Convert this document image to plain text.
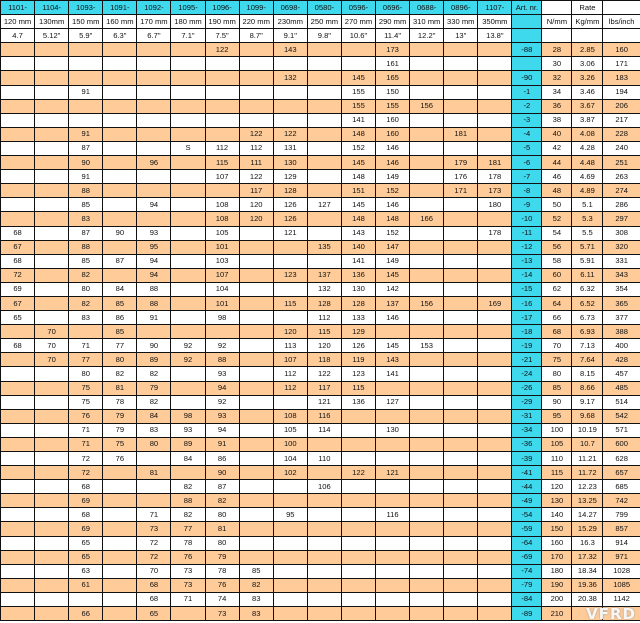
1101-	1104-	1093-	1091-	1092-	1095-	1096-	1099-	0698-	0580-	0596-	0696-	0688-	0896-	1107-	Art. nr.		Rate	
120 mm	130mm	150 mm	160 mm	170 mm	180 mm	190 mm	220 mm	230mm	250 mm	270 mm	290 mm	310 mm	330 mm	350mm		N/mm	Kg/mm	lbs/inch
4.7	5.12"	5.9"	6.3"	6.7"	7.1"	7.5"	8.7"	9.1"	9.8"	10.6"	11.4"	12.2"	13"	13.8"				
						122		143			173				-88	28	2.85	160
											161					30	3.06	171
								132		145	165				-90	32	3.26	183
		91								155	150				-1	34	3.46	194
										155	155	156			-2	36	3.67	206
										141	160				-3	38	3.87	217
		91					122	122		148	160		181		-4	40	4.08	228
		87			S	112	112	131		152	146				-5	42	4.28	240
		90		96		115	111	130		145	146		179	181	-6	44	4.48	251
		91				107	122	129		148	149		176	178	-7	46	4.69	263
		88					117	128		151	152		171	173	-8	48	4.89	274
		85		94		108	120	126	127	145	146			180	-9	50	5.1	286
		83				108	120	126		148	148	166			-10	52	5.3	297
68		87	90	93		105		121		143	152			178	-11	54	5.5	308
67		88		95		101			135	140	147				-12	56	5.71	320
68		85	87	94		103				141	149				-13	58	5.91	331
72		82		94		107		123	137	136	145				-14	60	6.11	343
69		80	84	88		104			132	130	142				-15	62	6.32	354
67		82	85	88		101		115	128	128	137	156		169	-16	64	6.52	365
65		83	86	91		98			112	133	146				-17	66	6.73	377
	70		85					120	115	129					-18	68	6.93	388
68	70	71	77	90	92	92		113	120	126	145	153			-19	70	7.13	400
	70	77	80	89	92	88		107	118	119	143				-21	75	7.64	428
		80	82	82		93		112	122	123	141				-24	80	8.15	457
		75	81	79		94		112	117	115					-26	85	8.66	485
		75	78	82		92			121	136	127				-29	90	9.17	514
		76	79	84	98	93		108	116						-31	95	9.68	542
		71	79	83	93	94		105	114		130				-34	100	10.19	571
		71	75	80	89	91		100							-36	105	10.7	600
		72	76		84	86		104	110						-39	110	11.21	628
		72		81		90		102		122	121				-41	115	11.72	657
		68			82	87			106						-44	120	12.23	685
		69			88	82									-49	130	13.25	742
		68		71	82	80		95			116				-54	140	14.27	799
		69		73	77	81									-59	150	15.29	857
		65		72	78	80									-64	160	16.3	914
		65		72	76	79									-69	170	17.32	971
		63		70	73	78	85								-74	180	18.34	1028
		61		68	73	76	82								-79	190	19.36	1085
				68	71	74	83								-84	200	20.38	1142
		66		65		73	83								-89	210		VFRD
